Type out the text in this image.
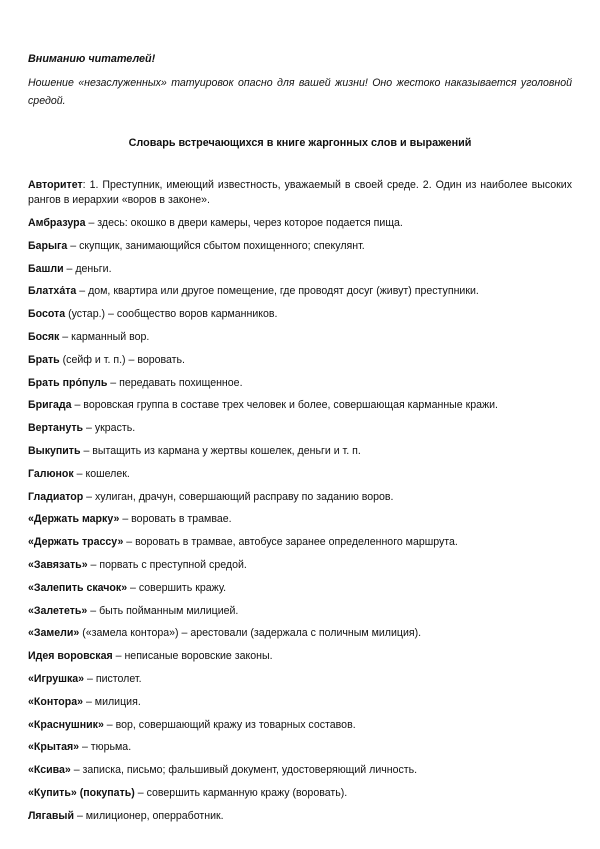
Вниманию читателей!
Ношение «незаслуженных» татуировок опасно для вашей жизни! Оно жестоко наказывается уголовной средой.
Словарь встречающихся в книге жаргонных слов и выражений

Авторитет: 1. Преступник, имеющий известность, уважаемый в своей среде. 2. Один из наиболее высоких рангов в иерархии «воров в законе».

Амбразура – здесь: окошко в двери камеры, через которое подается пища.

Барыга – скупщик, занимающийся сбытом похищенного; спекулянт.

Башли – деньги.

Блатха́та – дом, квартира или другое помещение, где проводят досуг (живут) преступники.

Босота (устар.) – сообщество воров карманников.

Босяк – карманный вор.

Брать (сейф и т. п.) – воровать.

Брать про́пуль – передавать похищенное.

Бригада – воровская группа в составе трех человек и более, совершающая карманные кражи.

Вертануть – украсть.

Выкупить – вытащить из кармана у жертвы кошелек, деньги и т. п.

Галюнок – кошелек.

Гладиатор – хулиган, драчун, совершающий расправу по заданию воров.

«Держать марку» – воровать в трамвае.

«Держать трассу» – воровать в трамвае, автобусе заранее определенного маршрута.

«Завязать» – порвать с преступной средой.

«Залепить скачок» – совершить кражу.

«Залететь» – быть пойманным милицией.

«Замели» («замела контора») – арестовали (задержала с поличным милиция).

Идея воровская – неписаные воровские законы.

«Игрушка» – пистолет.

«Контора» – милиция.

«Краснушник» – вор, совершающий кражу из товарных составов.

«Крытая» – тюрьма.

«Ксива» – записка, письмо; фальшивый документ, удостоверяющий личность.

«Купить» (покупать) – совершить карманную кражу (воровать).

Лягавый – милиционер, оперработник.
